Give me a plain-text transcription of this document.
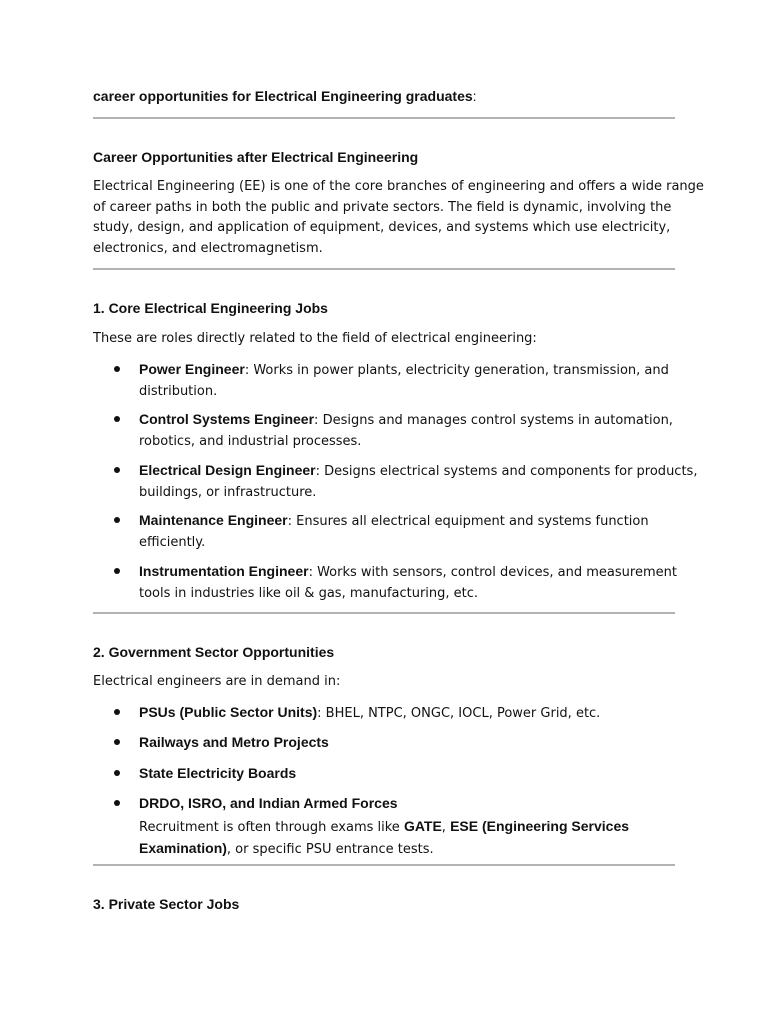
career opportunities for Electrical Engineering graduates:
Career Opportunities after Electrical Engineering
Electrical Engineering (EE) is one of the core branches of engineering and offers a wide range
of career paths in both the public and private sectors. The field is dynamic, involving the
study, design, and application of equipment, devices, and systems which use electricity,
electronics, and electromagnetism.
1. Core Electrical Engineering Jobs
These are roles directly related to the field of electrical engineering:
Power Engineer: Works in power plants, electricity generation, transmission, and
distribution.
Control Systems Engineer: Designs and manages control systems in automation,
robotics, and industrial processes.
Electrical Design Engineer: Designs electrical systems and components for products,
buildings, or infrastructure.
Maintenance Engineer: Ensures all electrical equipment and systems function
efficiently.
Instrumentation Engineer: Works with sensors, control devices, and measurement
tools in industries like oil & gas, manufacturing, etc.
2. Government Sector Opportunities
Electrical engineers are in demand in:
PSUs (Public Sector Units): BHEL, NTPC, ONGC, IOCL, Power Grid, etc.
Railways and Metro Projects
State Electricity Boards
DRDO, ISRO, and Indian Armed Forces
Recruitment is often through exams like GATE, ESE (Engineering Services
Examination), or specific PSU entrance tests.
3. Private Sector Jobs
